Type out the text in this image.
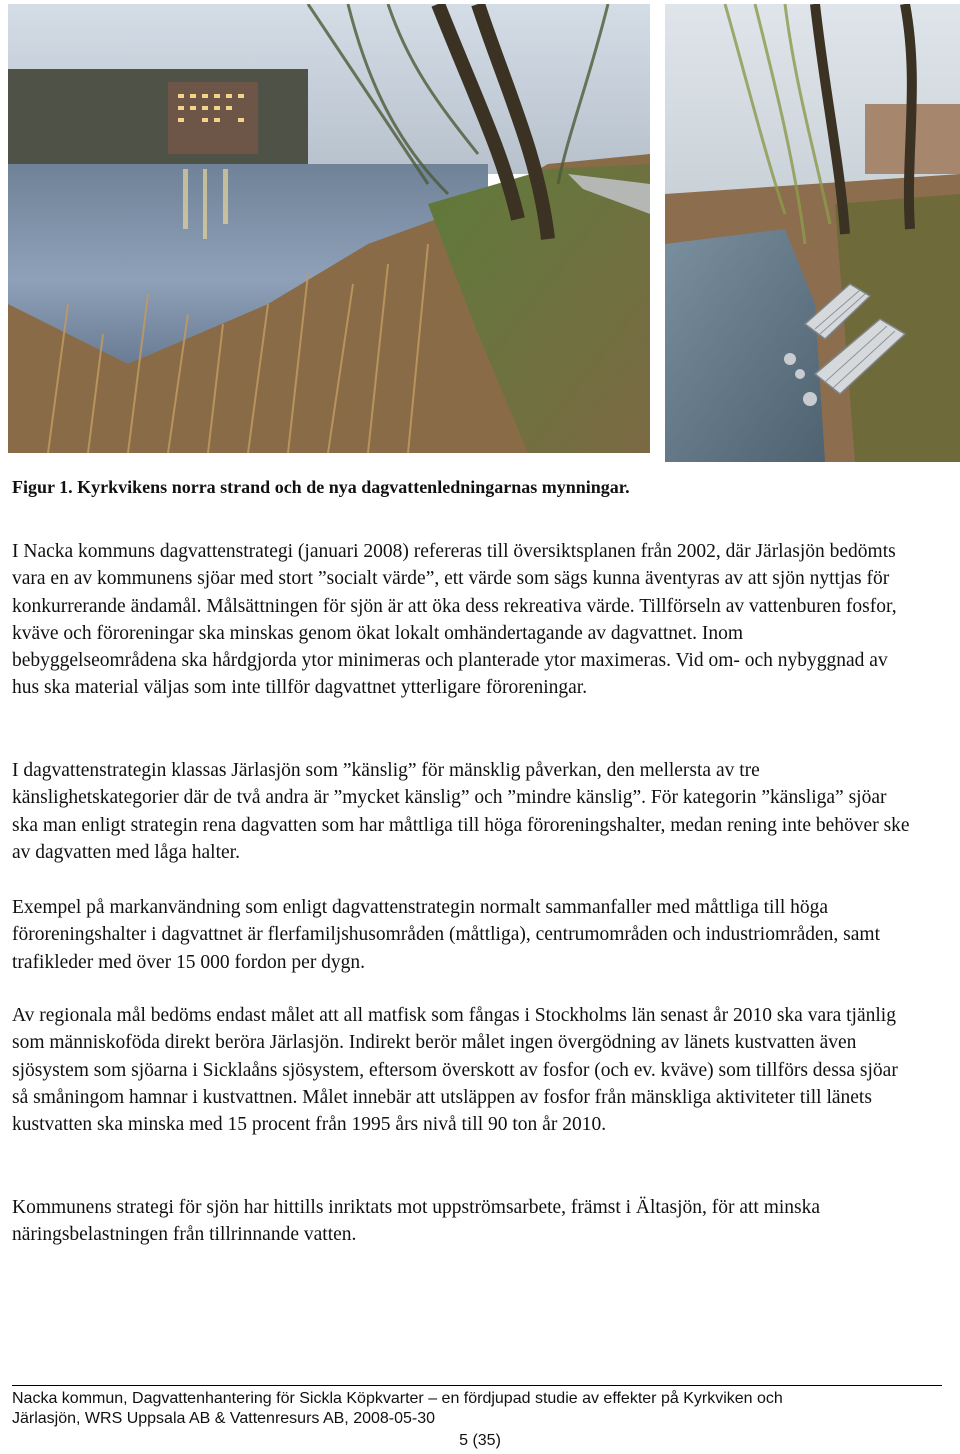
Figur 1. Kyrkvikens norra strand och de nya dagvattenledningarnas mynningar.

I Nacka kommuns dagvattenstrategi (januari 2008) refereras till översiktsplanen från 2002, där Järlasjön bedömts vara en av kommunens sjöar med stort ”socialt värde”, ett värde som sägs kunna äventyras av att sjön nyttjas för konkurrerande ändamål. Målsättningen för sjön är att öka dess rekreativa värde. Tillförseln av vattenburen fosfor, kväve och föroreningar ska minskas genom ökat lokalt omhändertagande av dagvattnet. Inom bebyggelseområdena ska hårdgjorda ytor minimeras och planterade ytor maximeras. Vid om- och nybyggnad av hus ska material väljas som inte tillför dagvattnet ytterligare föroreningar.

I dagvattenstrategin klassas Järlasjön som ”känslig” för mänsklig påverkan, den mellersta av tre känslighetskategorier där de två andra är ”mycket känslig” och ”mindre känslig”. För kategorin ”känsliga” sjöar ska man enligt strategin rena dagvatten som har måttliga till höga föroreningshalter, medan rening inte behöver ske av dagvatten med låga halter.

Exempel på markanvändning som enligt dagvattenstrategin normalt sammanfaller med måttliga till höga föroreningshalter i dagvattnet är flerfamiljshusområden (måttliga), centrumområden och industriområden, samt trafikleder med över 15 000 fordon per dygn.

Av regionala mål bedöms endast målet att all matfisk som fångas i Stockholms län senast år 2010 ska vara tjänlig som människoföda direkt beröra Järlasjön. Indirekt berör målet ingen övergödning av länets kustvatten även sjösystem som sjöarna i Sicklaåns sjösystem, eftersom överskott av fosfor (och ev. kväve) som tillförs dessa sjöar så småningom hamnar i kustvattnen. Målet innebär att utsläppen av fosfor från mänskliga aktiviteter till länets kustvatten ska minska med 15 procent från 1995 års nivå till 90 ton år 2010.

Kommunens strategi för sjön har hittills inriktats mot uppströmsarbete, främst i Ältasjön, för att minska näringsbelastningen från tillrinnande vatten.

Nacka kommun, Dagvattenhantering för Sickla Köpkvarter – en fördjupad studie av effekter på Kyrkviken och
Järlasjön, WRS Uppsala AB & Vattenresurs AB, 2008-05-30
5 (35)
